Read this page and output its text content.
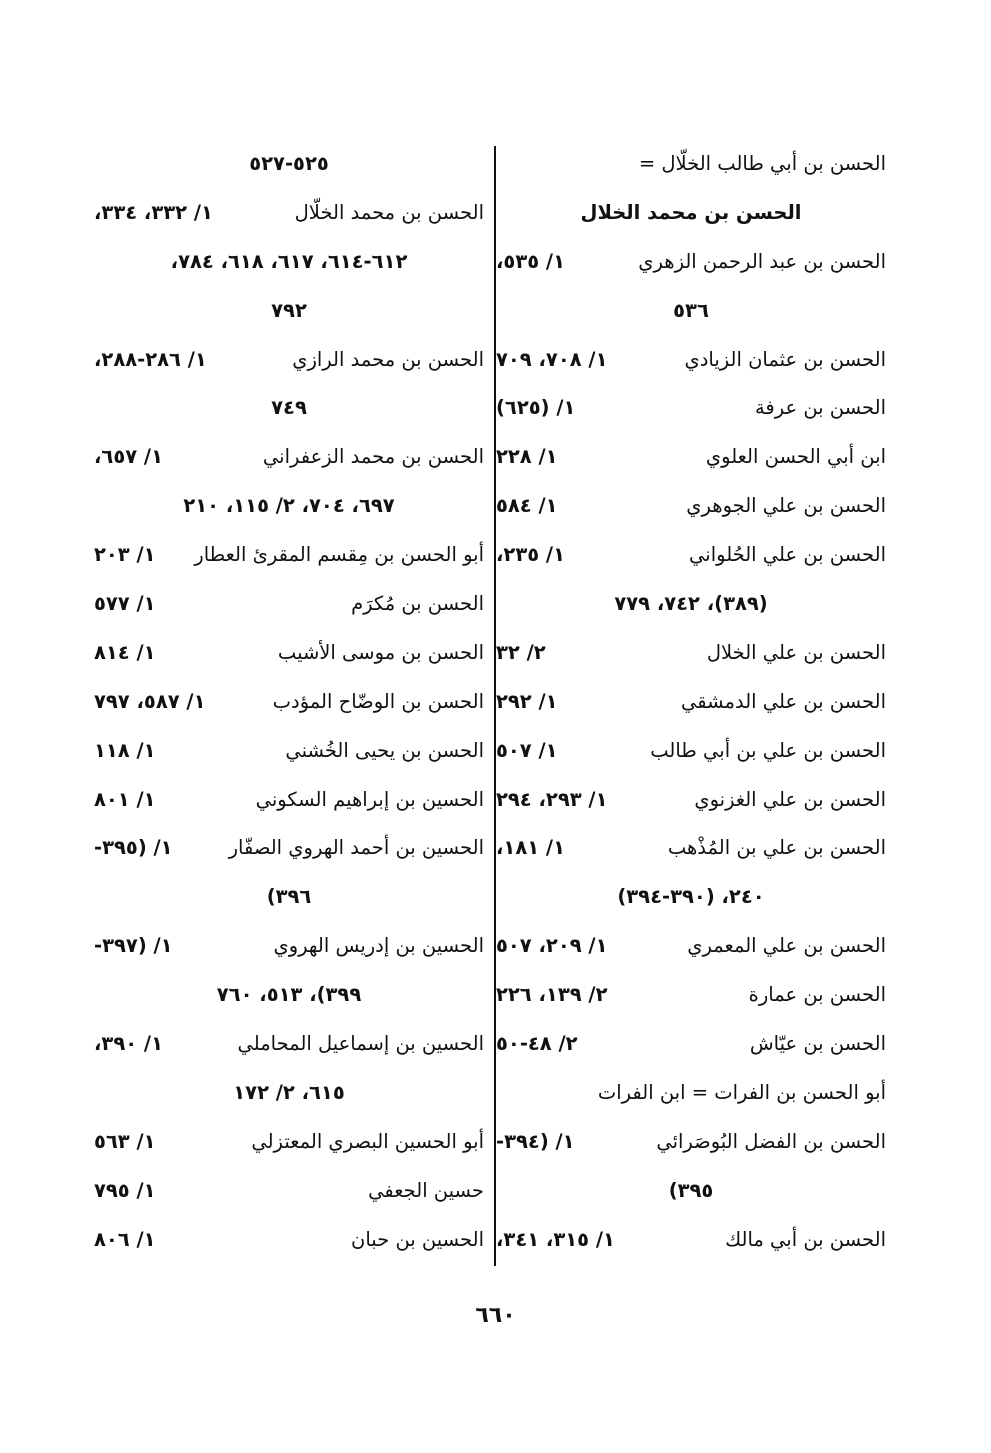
الحسن بن أبي طالب الخلّال =
الحسن بن محمد الخلال
الحسن بن عبد الرحمن الزهري
١/ ٥٣٥،
٥٣٦
الحسن بن عثمان الزيادي
١/ ٧٠٨، ٧٠٩
الحسن بن عرفة
١/ (٦٢٥)
ابن أبي الحسن العلوي
١/ ٢٢٨
الحسن بن علي الجوهري
١/ ٥٨٤
الحسن بن علي الحُلواني
١/ ٢٣٥،
(٣٨٩)، ٧٤٢، ٧٧٩
الحسن بن علي الخلال
٢/ ٣٢
الحسن بن علي الدمشقي
١/ ٢٩٢
الحسن بن علي بن أبي طالب
١/ ٥٠٧
الحسن بن علي الغزنوي
١/ ٢٩٣، ٢٩٤
الحسن بن علي بن المُذْهب
١/ ١٨١،
٢٤٠، (٣٩٠-٣٩٤)
الحسن بن علي المعمري
١/ ٢٠٩، ٥٠٧
الحسن بن عمارة
٢/ ١٣٩، ٢٢٦
الحسن بن عيّاش
٢/ ٤٨-٥٠
أبو الحسن بن الفرات = ابن الفرات
الحسن بن الفضل البُوصَرائي
١/ (٣٩٤-
٣٩٥)
الحسن بن أبي مالك
١/ ٣١٥، ٣٤١،
٥٢٥-٥٢٧
الحسن بن محمد الخلّال
١/ ٣٣٢، ٣٣٤،
٦١٢-٦١٤، ٦١٧، ٦١٨، ٧٨٤،
٧٩٢
الحسن بن محمد الرازي
١/ ٢٨٦-٢٨٨،
٧٤٩
الحسن بن محمد الزعفراني
١/ ٦٥٧،
٦٩٧، ٧٠٤، ٢/ ١١٥، ٢١٠
أبو الحسن بن مِقسم المقرئ العطار
١/ ٢٠٣
الحسن بن مُكرَم
١/ ٥٧٧
الحسن بن موسى الأشيب
١/ ٨١٤
الحسن بن الوضّاح المؤدب
١/ ٥٨٧، ٧٩٧
الحسن بن يحيى الخُشني
١/ ١١٨
الحسين بن إبراهيم السكوني
١/ ٨٠١
الحسين بن أحمد الهروي الصفّار
١/ (٣٩٥-
٣٩٦)
الحسين بن إدريس الهروي
١/ (٣٩٧-
٣٩٩)، ٥١٣، ٧٦٠
الحسين بن إسماعيل المحاملي
١/ ٣٩٠،
٦١٥، ٢/ ١٧٢
أبو الحسين البصري المعتزلي
١/ ٥٦٣
حسين الجعفي
١/ ٧٩٥
الحسين بن حبان
١/ ٨٠٦
٦٦٠
